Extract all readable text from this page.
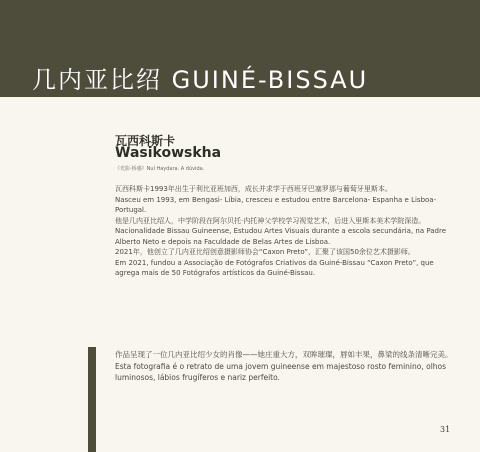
几内亚比绍 GUINÉ-BISSAU
瓦西科斯卡
Wasikowskha
《光影·桥感》Nuí Haydara. A dúvida.

瓦西科斯卡1993年出生于利比亚班加西，成长并求学于西班牙巴塞罗那与葡萄牙里斯本。

Nasceu em 1993, em Bengasi- Líbia, cresceu e estudou entre Barcelona- Espanha e Lisboa-Portugal.

他是几内亚比绍人，中学阶段在阿尔贝托·内托神父学校学习视觉艺术，后进入里斯本美术学院深造。

Nacionalidade Bissau Guineense, Estudou Artes Visuais durante a escola secundária, na Padre Alberto Neto e depois na Faculdade de Belas Artes de Lisboa.

2021年，他创立了几内亚比绍创意摄影师协会“Caxon Preto”，汇聚了该国50余位艺术摄影师。

Em 2021, fundou a Associação de Fotógrafos Criativos da Guiné-Bissau “Caxon Preto”, que agrega mais de 50 Fotógrafos artísticos da Guiné-Bissau.

作品呈现了一位几内亚比绍少女的肖像——她庄重大方，双眸璀璨，唇如丰果，鼻梁的线条清晰完美。

Esta fotografia é o retrato de uma jovem guineense em majestoso rosto feminino, olhos luminosos, lábios frugíferos e nariz perfeito.

31
